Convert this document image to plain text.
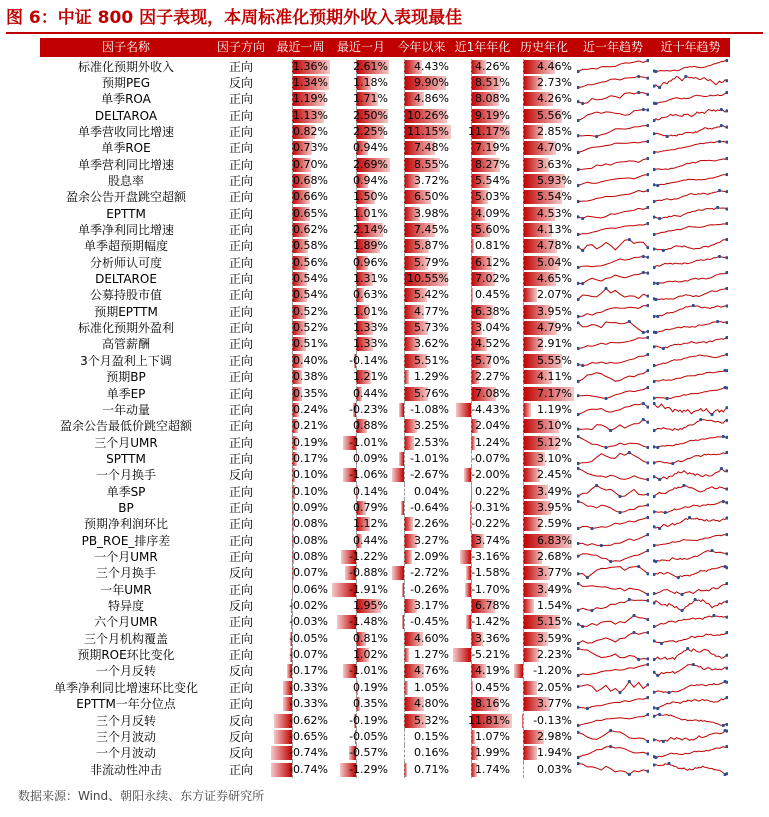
图 6：中证 800 因子表现，本周标准化预期外收入表现最佳
因子名称	因子方向 最近一周	最近一月	今年以来 近1年年化 历史年化	近一年趋势	近十年趋势
标准化预期外收入	正向	1.36%	2.61%	4.43%	4.26%	4.46%
预期PEG	反向	1.34%	1.18%	9.90%	8.51%	2.73%
单季ROA	正向	1.19%	1.71%	4.86%	8.08%	4.26%
DELTAROA	正向	1.13%	2.50%	10.26%	9.19%	5.56%
单季营收同比增速	正向	0.82%	2.25%	11.15%	11.17%	2.85%
单季ROE	正向	0.73%	0.94%	7.48%	7.19%	4.70%
单季营利同比增速	正向	0.70%	2.69%	8.55%	8.27%	3.63%
股息率	正向	0.68%	0.94%	3.72%	5.54%	5.93%
盈余公告开盘跳空超额	正向	0.66%	1.50%	6.50%	5.03%	5.54%
EPTTM	正向	0.65%	1.01%	3.98%	4.09%	4.53%
单季净利同比增速	正向	0.62%	2.14%	7.45%	5.60%	4.13%
单季超预期幅度	正向	0.58%	1.89%	5.87%	0.81%	4.78%
分析师认可度	正向	0.56%	0.96%	5.79%	6.12%	5.04%
DELTAROE	正向	0.54%	1.31%	10.55%	7.02%	4.65%
公募持股市值	正向	0.54%	0.63%	5.42%	0.45%	2.07%
预期EPTTM	正向	0.52%	1.01%	4.77%	6.38%	3.95%
标准化预期外盈利	正向	0.52%	1.33%	5.73%	3.04%	4.79%
高管薪酬	正向	0.51%	1.33%	3.62%	4.52%	2.91%
3个月盈利上下调	正向	0.40%	-0.14%	5.51%	5.70%	5.55%
预期BP	正向	0.38%	1.21%	1.29%	2.27%	4.11%
单季EP	正向	0.35%	0.44%	5.76%	7.08%	7.17%
一年动量	正向	0.24%	-0.23%	-1.08%	-4.43%	1.19%
盈余公告最低价跳空超额	正向	0.21%	0.88%	3.25%	2.04%	5.10%
三个月UMR	正向	0.19%	-1.01%	2.53%	1.24%	5.12%
SPTTM	正向	0.17%	0.09%	-1.01%	-0.07%	3.10%
一个月换手	反向	0.10%	-1.06%	-2.67%	-2.00%	2.45%
单季SP	正向	0.10%	0.14%	0.04%	0.22%	3.49%
BP	正向	0.09%	0.79%	-0.64%	-0.31%	3.95%
预期净利润环比	正向	0.08%	1.12%	2.26%	-0.22%	2.59%
PB_ROE_排序差	正向	0.08%	0.44%	3.27%	3.74%	6.83%
一个月UMR	正向	0.08%	-1.22%	2.09%	-3.16%	2.68%
三个月换手	反向	0.07%	-0.88%	-2.72%	-1.58%	3.77%
一年UMR	正向	0.06%	-1.91%	-0.26%	-1.70%	3.49%
特异度	反向	-0.02%	1.95%	3.17%	6.78%	1.54%
六个月UMR	正向	-0.03%	-1.48%	-0.45%	-1.42%	5.15%
三个月机构覆盖	正向	-0.05%	0.81%	4.60%	3.36%	3.59%
预期ROE环比变化	正向	-0.07%	1.02%	1.27%	-5.21%	2.23%
一个月反转	反向	-0.17%	-1.01%	4.76%	4.19%	-1.20%
单季净利同比增速环比变化	正向	-0.33%	0.19%	1.05%	0.45%	2.05%
EPTTM一年分位点	正向	-0.33%	0.35%	4.80%	8.16%	3.77%
三个月反转	反向	-0.62%	-0.19%	5.32%	11.81%	-0.13%
三个月波动	反向	-0.65%	-0.05%	0.15%	1.07%	2.98%
一个月波动	反向	-0.74%	-0.57%	0.16%	1.99%	1.94%
非流动性冲击	正向	-0.74%	-1.29%	0.71%	1.74%	0.03%
数据来源：Wind、朝阳永续、东方证券研究所
